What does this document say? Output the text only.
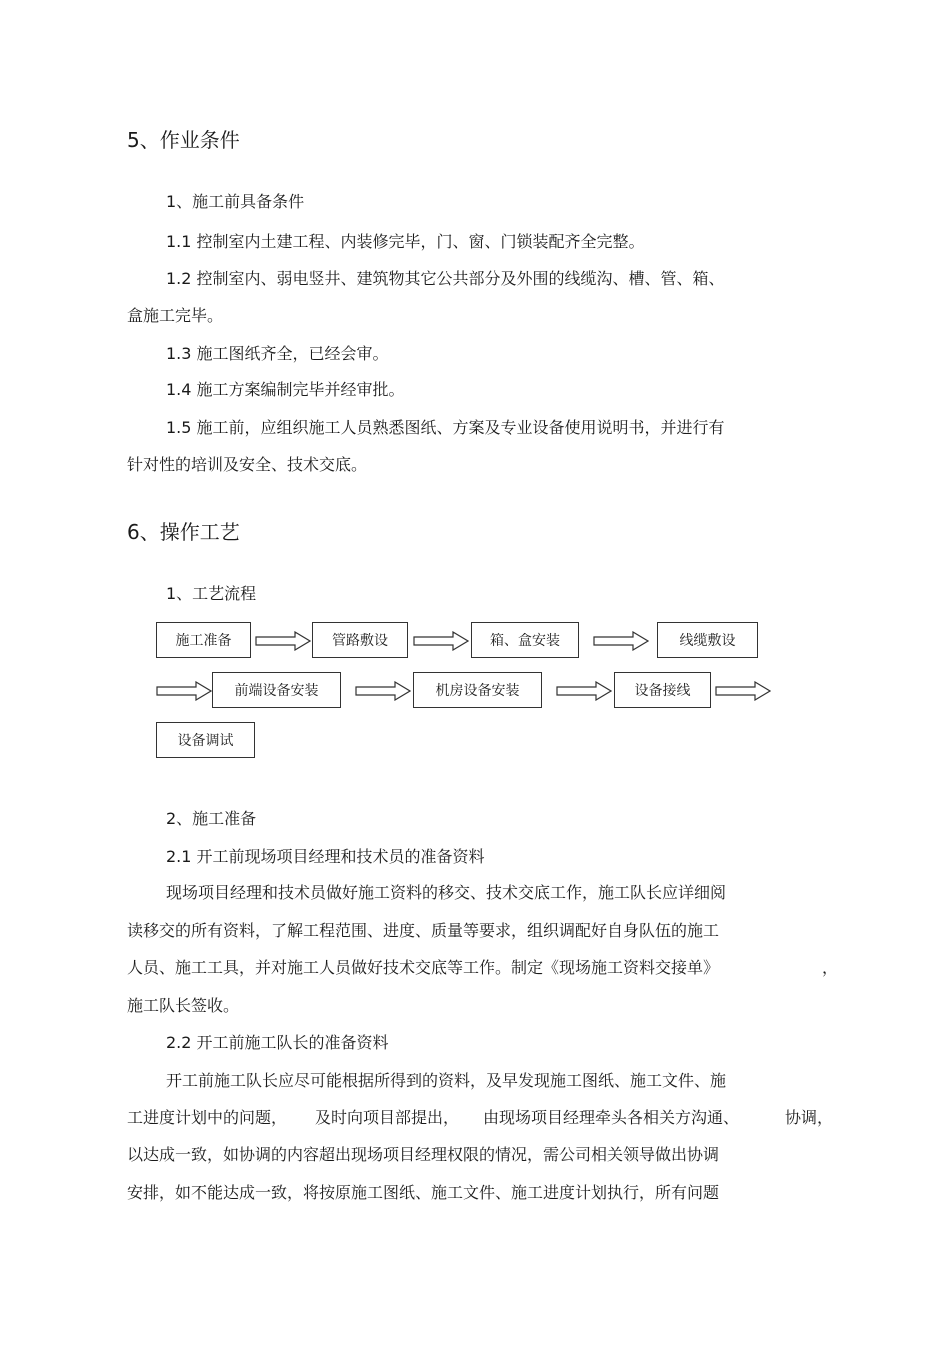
5、作业条件
1、施工前具备条件
1.1 控制室内土建工程、内装修完毕，门、窗、门锁装配齐全完整。
1.2 控制室内、弱电竖井、建筑物其它公共部分及外围的线缆沟、槽、管、箱、
盒施工完毕。
1.3 施工图纸齐全，已经会审。
1.4 施工方案编制完毕并经审批。
1.5 施工前，应组织施工人员熟悉图纸、方案及专业设备使用说明书，并进行有
针对性的培训及安全、技术交底。
6、操作工艺
1、工艺流程
施工准备	管路敷设	箱、盒安装	线缆敷设
前端设备安装	机房设备安装	设备接线
设备调试
2、施工准备
2.1 开工前现场项目经理和技术员的准备资料
现场项目经理和技术员做好施工资料的移交、技术交底工作，施工队长应详细阅
读移交的所有资料，了解工程范围、进度、质量等要求，组织调配好自身队伍的施工
人员、施工工具，并对施工人员做好技术交底等工作。制定《现场施工资料交接单》	，
施工队长签收。
2.2 开工前施工队长的准备资料
开工前施工队长应尽可能根据所得到的资料，及早发现施工图纸、施工文件、施
工进度计划中的问题， 及时向项目部提出， 由现场项目经理牵头各相关方沟通、	协调，
以达成一致，如协调的内容超出现场项目经理权限的情况，需公司相关领导做出协调
安排，如不能达成一致，将按原施工图纸、施工文件、施工进度计划执行，所有问题
